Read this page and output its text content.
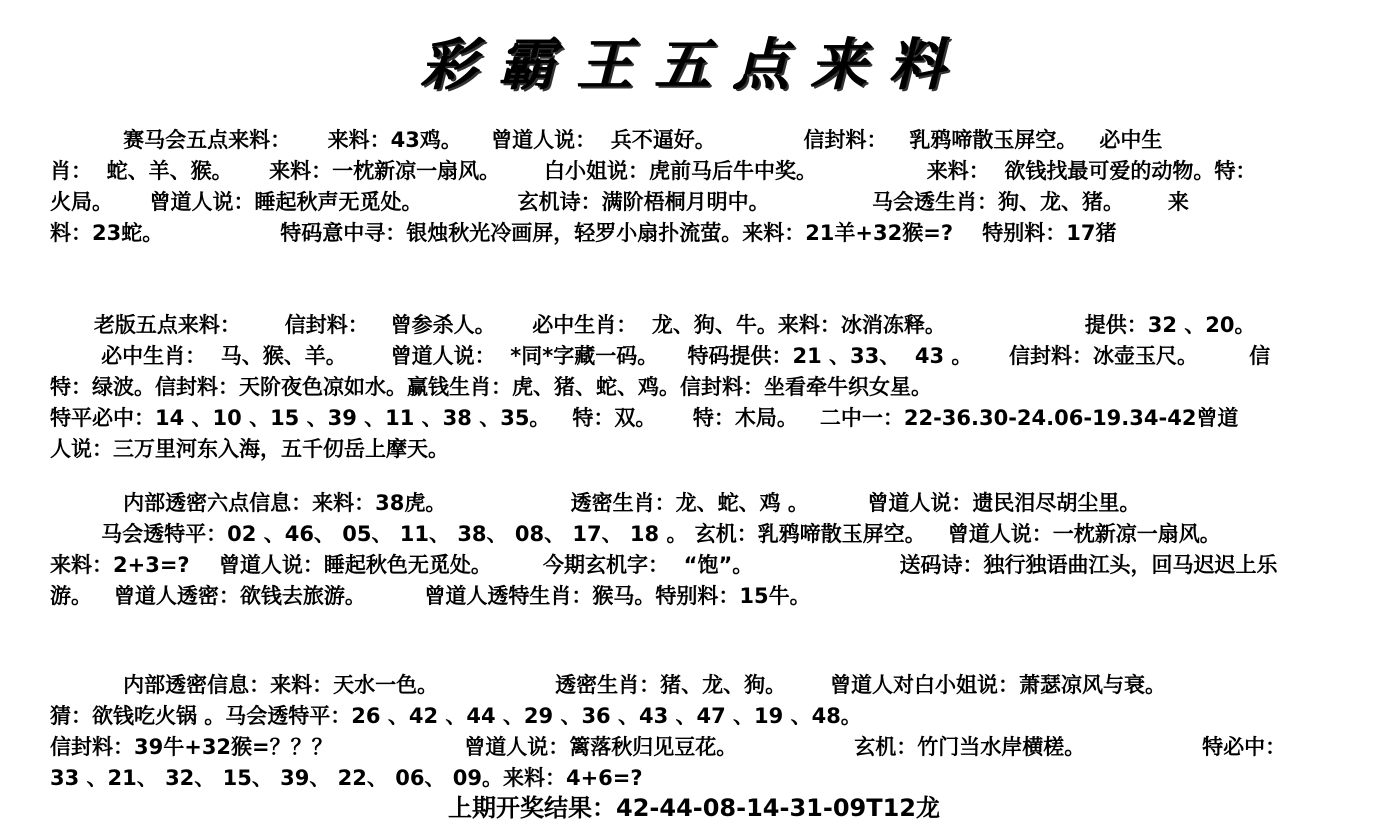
彩霸王五点来料
赛马会五点来料：     来料：43鸡。    曾道人说：  兵不逼好。            信封料：   乳鸦啼散玉屏空。   必中生
肖：  蛇、羊、猴。     来料：一枕新凉一扇风。      白小姐说：虎前马后牛中奖。               来料：  欲钱找最可爱的动物。特：
火局。     曾道人说：睡起秋声无觅处。             玄机诗：满阶梧桐月明中。              马会透生肖：狗、龙、猪。      来
料：23蛇。                特码意中寻：银烛秋光冷画屏，轻罗小扇扑流萤。来料：21羊+32猴=?    特别料：17猪
老版五点来料：      信封料：   曾参杀人。     必中生肖：  龙、狗、牛。来料：冰消冻释。                   提供：32 、20。
必中生肖：  马、猴、羊。      曾道人说：  *同*字藏一码。    特码提供：21 、33、  43 。     信封料：冰壶玉尺。       信
特：绿波。信封料：天阶夜色凉如水。赢钱生肖：虎、猪、蛇、鸡。信封料：坐看牵牛织女星。
特平必中：14 、10 、15 、39 、11 、38 、35。   特：双。     特：木局。   二中一：22-36.30-24.06-19.34-42曾道
人说：三万里河东入海，五千仞岳上摩天。
内部透密六点信息：来料：38虎。                 透密生肖：龙、蛇、鸡 。        曾道人说：遗民泪尽胡尘里。
马会透特平：02 、46、 05、 11、 38、 08、 17、 18 。 玄机：乳鸦啼散玉屏空。   曾道人说：一枕新凉一扇风。
来料：2+3=?    曾道人说：睡起秋色无觅处。       今期玄机字：  “饱”。                    送码诗：独行独语曲江头，回马迟迟上乐
游。   曾道人透密：欲钱去旅游。        曾道人透特生肖：猴马。特别料：15牛。
内部透密信息：来料：天水一色。                透密生肖：猪、龙、狗。      曾道人对白小姐说：萧瑟凉风与衰。
猜：欲钱吃火锅 。马会透特平：26 、42 、44 、29 、36 、43 、47 、19 、48。
信封料：39牛+32猴=？？？                  曾道人说：篱落秋归见豆花。                玄机：竹门当水岸横槎。                特必中：
33 、21、 32、 15、 39、 22、 06、 09。来料：4+6=?
上期开奖结果：42-44-08-14-31-09T12龙
